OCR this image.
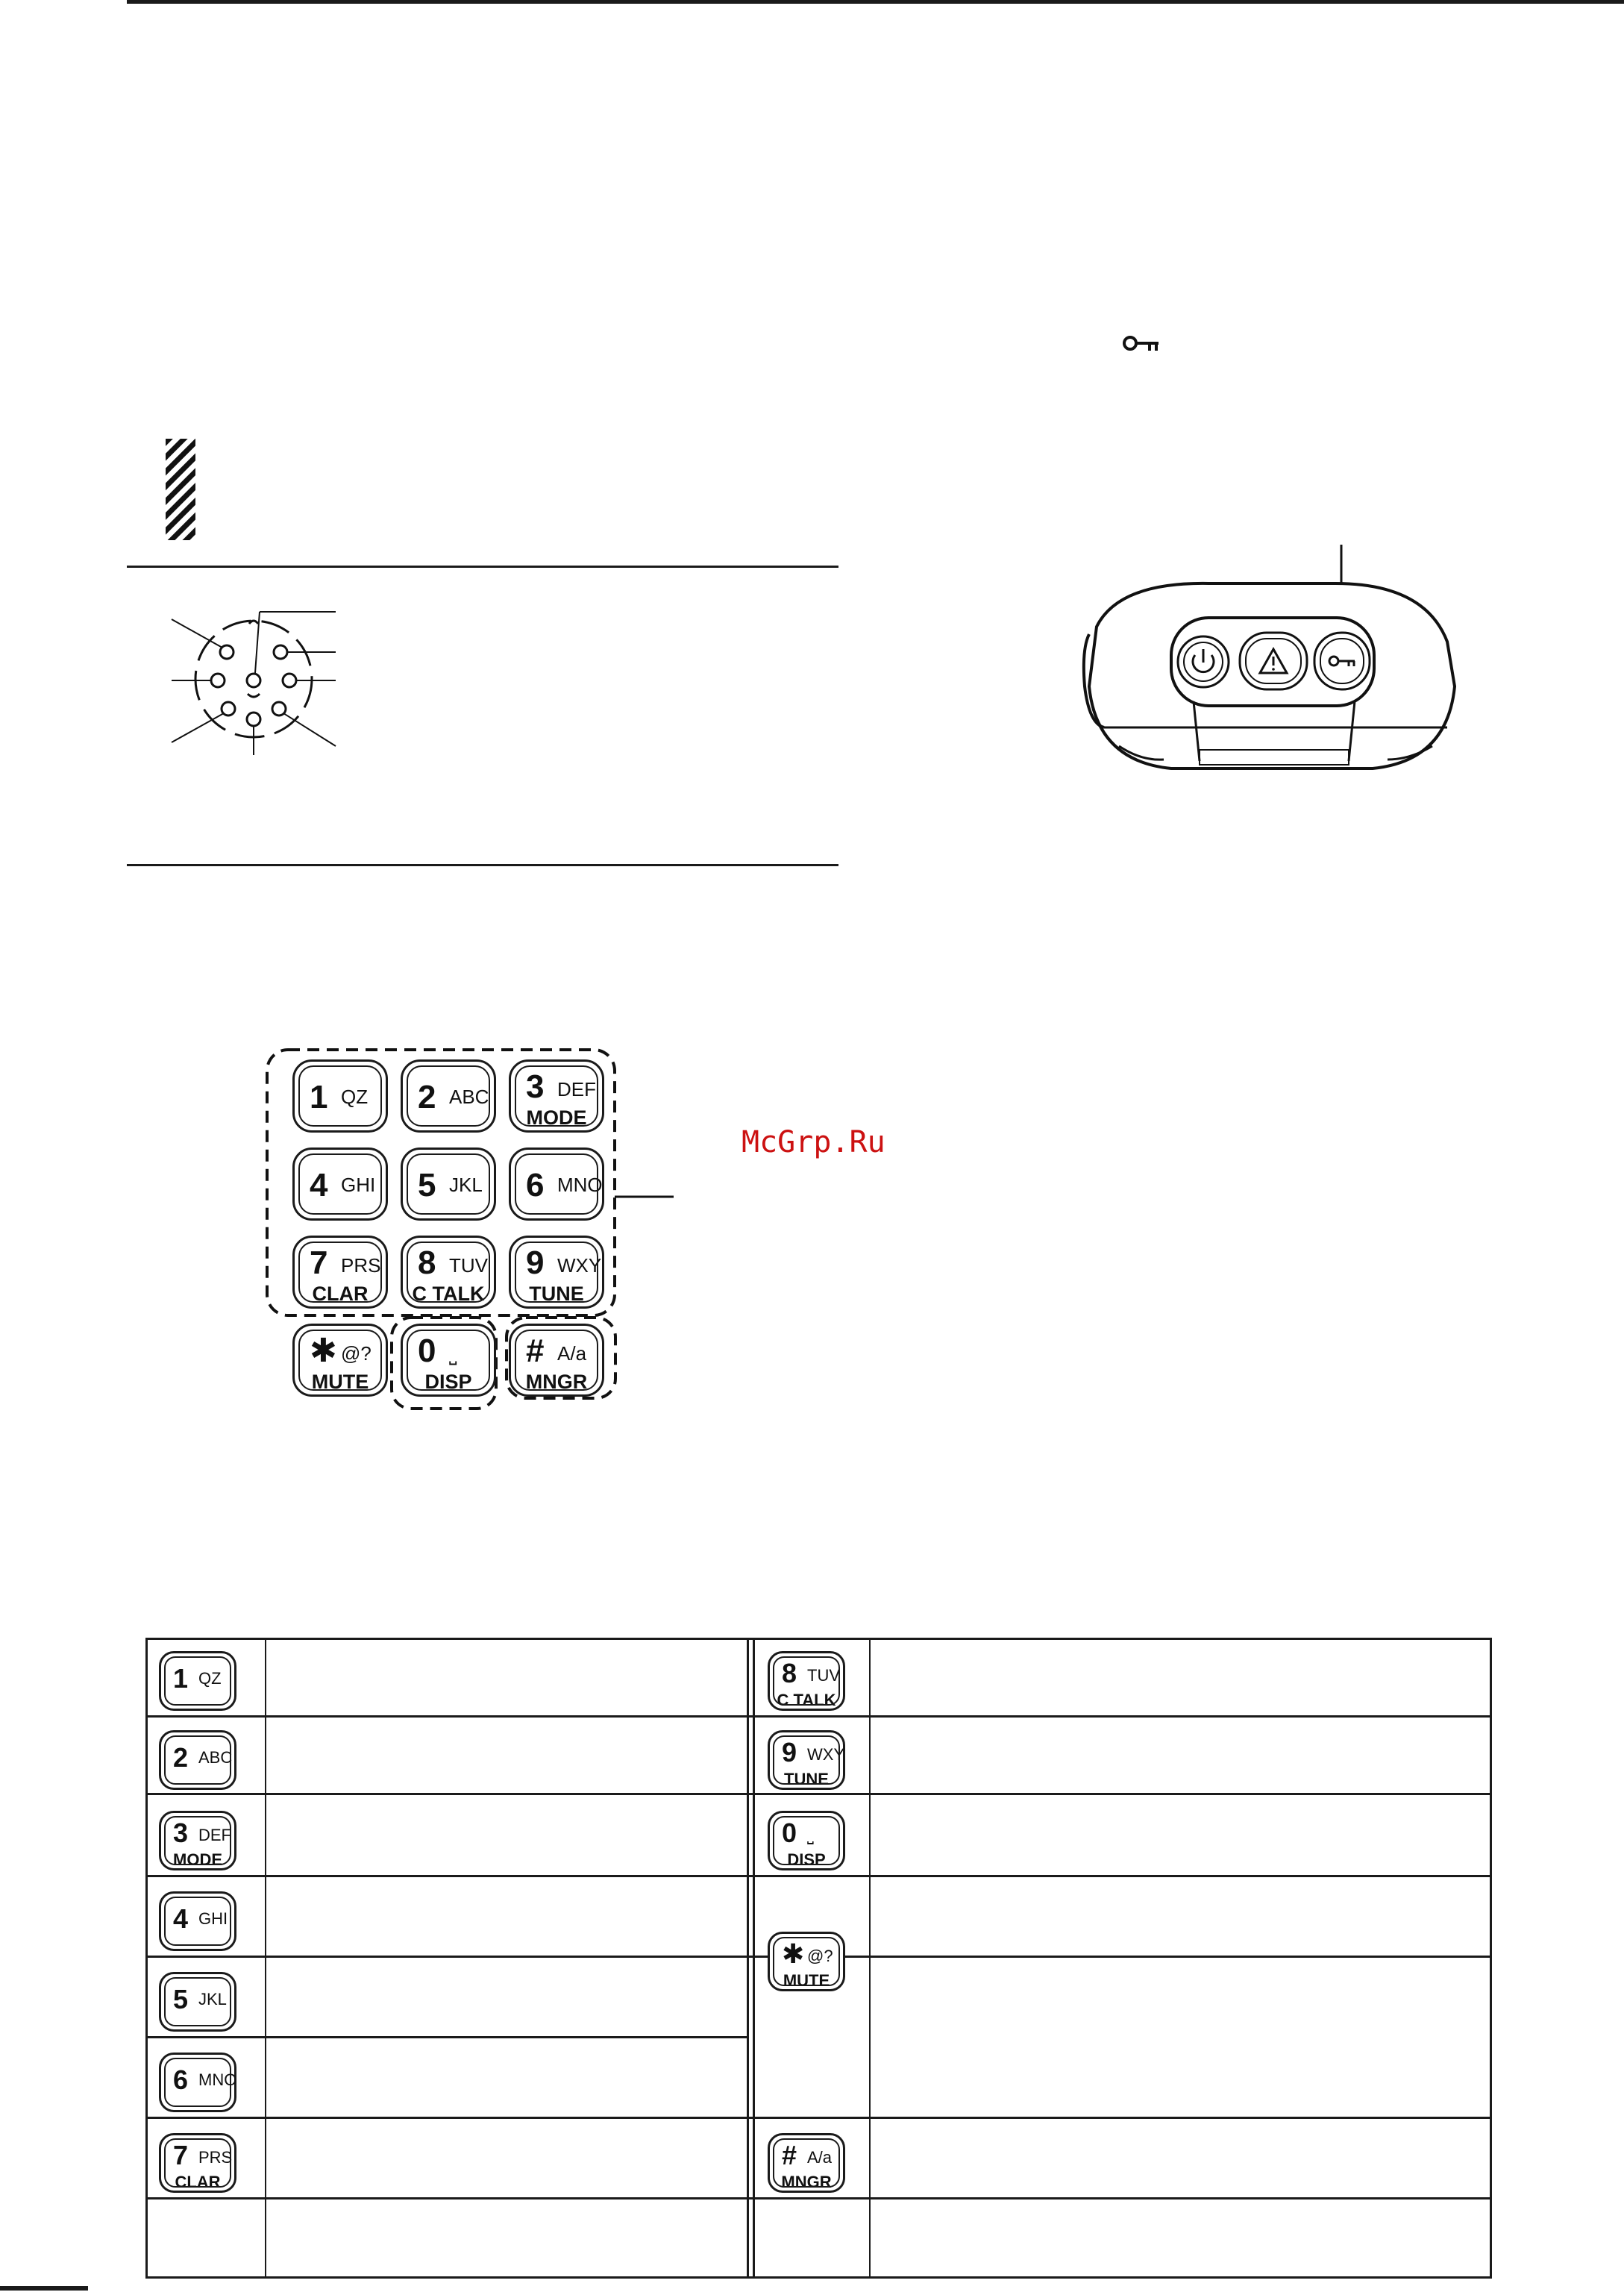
1 QZ 2 ABC 3 DEF
MODE
4 GHI 5 JKL 6 MNO
7 PRS
CLAR
8 TUV
C TALK
9 WXY
TUNE
✱ @?
MUTE
0 ⎵
DISP
# A/a
MNGR
McGrp.Ru
1 QZ
2 ABC
3 DEF
MODE
4 GHI
5 JKL
6 MNO
7 PRS
CLAR
8 TUV
C TALK
9 WXY
TUNE
0 ⎵
DISP
✱ @?
MUTE
# A/a
MNGR
